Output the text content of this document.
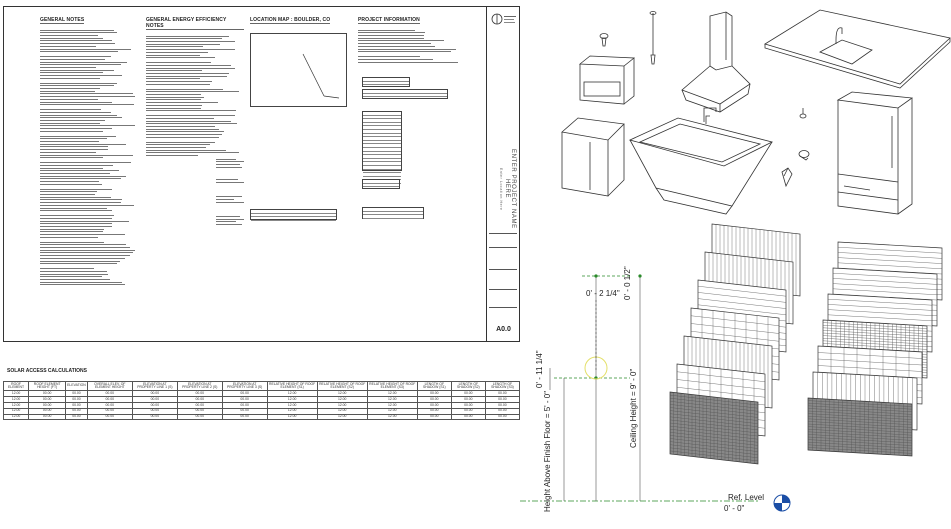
GENERAL NOTES	GENERAL ENERGY EFFICIENCY NOTES
LOCATION MAP : BOULDER, CO	PROJECT INFORMATION
ENTER PROJECT NAME HERE
Enter Location Here
A0.0
SOLAR ACCESS CALCULATIONS
ROOF ELEMENT	ROOF ELEMENT HEIGHT (FT)	ELEVATION	OVERALL ELEV. OF ELEMENT HEIGHT	ELEVATION AT PROPERTY LINE 1 (S)	ELEVATION AT PROPERTY LINE 2 (S)	ELEVATION AT PROPERTY LINE 3 (S)	RELATIVE HEIGHT OF ROOF ELEMENT (S1)	RELATIVE HEIGHT OF ROOF ELEMENT (S2)	RELATIVE HEIGHT OF ROOF ELEMENT (S3)	LENGTH OF SHADOW (S1)	LENGTH OF SHADOW (S2)	LENGTH OF SHADOW (S3)
12.00	00.00	00.00	00.00	00.00	00.00	00.00	12.00	12.00	12.00	00.00	00.00	00.00
12.00	00.00	00.00	00.00	00.00	00.00	00.00	12.00	12.00	12.00	00.00	00.00	00.00
12.00	00.00	00.00	00.00	00.00	00.00	00.00	12.00	12.00	12.00	00.00	00.00	00.00
12.00	00.00	00.00	00.00	00.00	00.00	00.00	12.00	12.00	12.00	00.00	00.00	00.00
12.00	00.00	00.00	00.00	00.00	00.00	00.00	12.00	12.00	12.00	00.00	00.00	00.00
0' - 2 1/4" 0' - 0 1/2"
Height Above Finish Floor = 5' - 0"
0' - 11 1/4"	Ceiling Height = 9' - 0"
Ref. Level
0' - 0"
